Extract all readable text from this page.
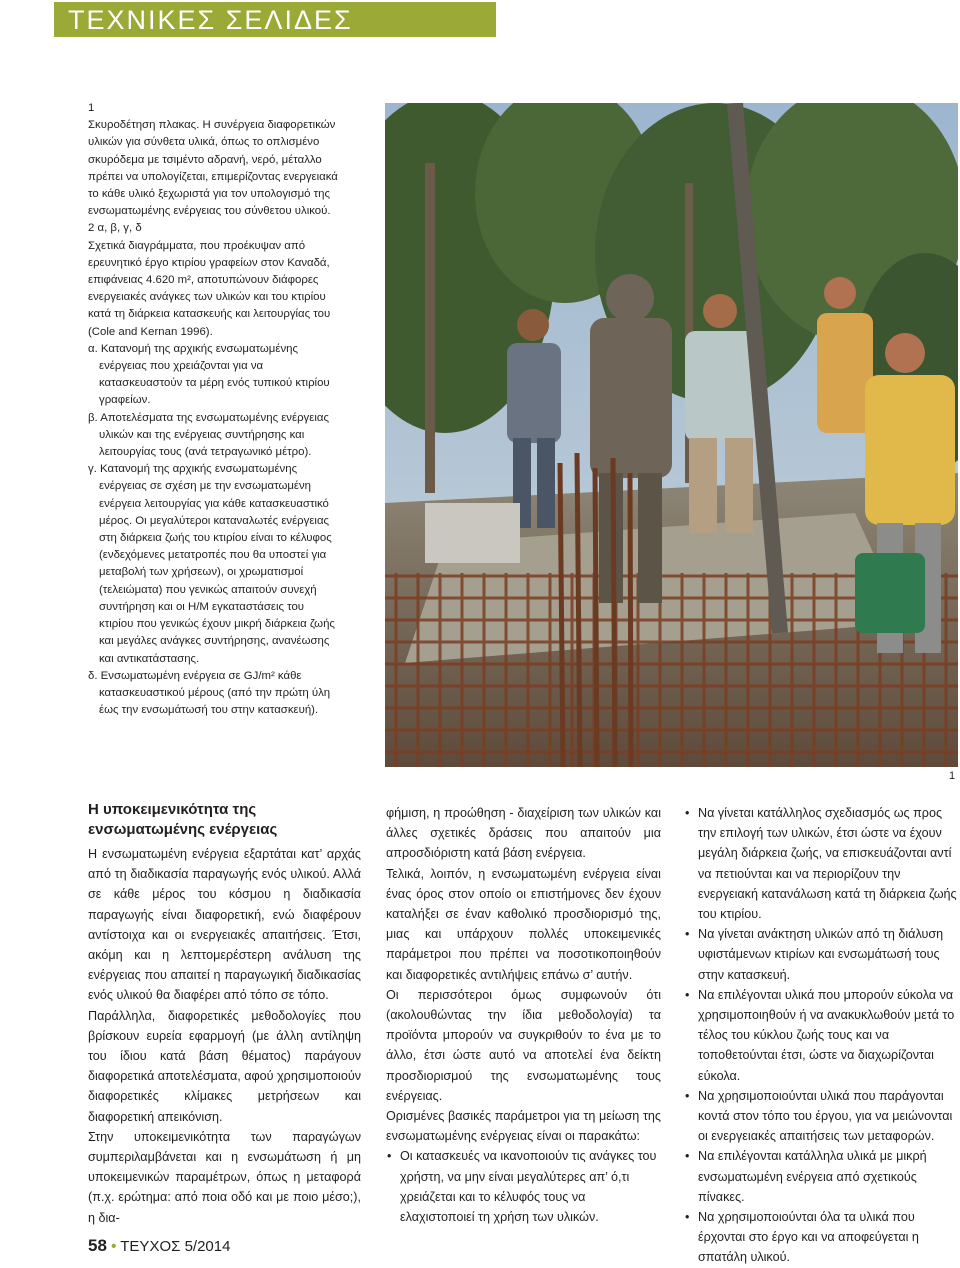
ΤΕΧΝΙΚΕΣ ΣΕΛΙΔΕΣ

1

Σκυροδέτηση πλακας. Η συνέργεια διαφορετικών υλικών για σύνθετα υλικά, όπως το οπλισμένο σκυρόδεμα με τσιμέντο αδρανή, νερό, μέταλλο πρέπει να υπολογίζεται, επιμερίζοντας ενεργειακά το κάθε υλικό ξεχωριστά για τον υπολογισμό της ενσωματωμένης ενέργειας του σύνθετου υλικού.

2 α, β, γ, δ

Σχετικά διαγράμματα, που προέκυψαν από ερευνητικό έργο κτιρίου γραφείων στον Καναδά, επιφάνειας 4.620 m², αποτυπώνουν διάφορες ενεργειακές ανάγκες των υλικών και του κτιρίου κατά τη διάρκεια κατασκευής και λειτουργίας του (Cole and Kernan 1996).

α. Κατανομή της αρχικής ενσωματωμένης ενέργειας που χρειάζονται για να κατασκευαστούν τα μέρη ενός τυπικού κτιρίου γραφείων.

β. Αποτελέσματα της ενσωματωμένης ενέργειας υλικών και της ενέργειας συντήρησης και λειτουργίας τους (ανά τετραγωνικό μέτρο).

γ. Κατανομή της αρχικής ενσωματωμένης ενέργειας σε σχέση με την ενσωματωμένη ενέργεια λειτουργίας για κάθε κατασκευαστικό μέρος. Οι μεγαλύτεροι καταναλωτές ενέργειας στη διάρκεια ζωής του κτιρίου είναι το κέλυφος (ενδεχόμενες μετατροπές που θα υποστεί για μεταβολή των χρήσεων), οι χρωματισμοί (τελειώματα) που γενικώς απαιτούν συνεχή συντήρηση και οι Η/Μ εγκαταστάσεις του κτιρίου που γενικώς έχουν μικρή διάρκεια ζωής και μεγάλες ανάγκες συντήρησης, ανανέωσης και αντικατάστασης.

δ. Ενσωματωμένη ενέργεια σε GJ/m² κάθε κατασκευαστικού μέρους (από την πρώτη ύλη έως την ενσωμάτωσή του στην κατασκευή).

1
Η υποκειμενικότητα της ενσωματωμένης ενέργειας

Η ενσωματωμένη ενέργεια εξαρτάται κατ’ αρχάς από τη διαδικασία παραγωγής ενός υλικού. Αλλά σε κάθε μέρος του κόσμου η διαδικασία παραγωγής είναι διαφορετική, ενώ διαφέρουν αντίστοιχα και οι ενεργειακές απαιτήσεις. Έτσι, ακόμη και η λεπτομερέστερη ανάλυση της ενέργειας που απαιτεί η παραγωγική διαδικασίας ενός υλικού θα διαφέρει από τόπο σε τόπο.

Παράλληλα, διαφορετικές μεθοδολογίες που βρίσκουν ευρεία εφαρμογή (με άλλη αντίληψη του ίδιου κατά βάση θέματος) παράγουν διαφορετικά αποτελέσματα, αφού χρησιμοποιούν διαφορετικές κλίμακες μετρήσεων και διαφορετική απεικόνιση.

Στην υποκειμενικότητα των παραγώγων συμπεριλαμβάνεται και η ενσωμάτωση ή μη υποκειμενικών παραμέτρων, όπως η μεταφορά (π.χ. ερώτημα: από ποια οδό και με ποιο μέσο;), η δια-

φήμιση, η προώθηση - διαχείριση των υλικών και άλλες σχετικές δράσεις που απαιτούν μια απροσδιόριστη κατά βάση ενέργεια.

Τελικά, λοιπόν, η ενσωματωμένη ενέργεια είναι ένας όρος στον οποίο οι επιστήμονες δεν έχουν καταλήξει σε έναν καθολικό προσδιορισμό της, μιας και υπάρχουν πολλές υποκειμενικές παράμετροι που πρέπει να ποσοτικοποιηθούν και διαφορετικές αντιλήψεις επάνω σ’ αυτήν.

Οι περισσότεροι όμως συμφωνούν ότι (ακολουθώντας την ίδια μεθοδολογία) τα προϊόντα μπορούν να συγκριθούν το ένα με το άλλο, έτσι ώστε αυτό να αποτελεί ένα δείκτη προσδιορισμού της ενσωματωμένης τους ενέργειας.

Ορισμένες βασικές παράμετροι για τη μείωση της ενσωματωμένης ενέργειας είναι οι παρακάτω:

• Οι κατασκευές να ικανοποιούν τις ανάγκες του χρήστη, να μην είναι μεγαλύτερες απ’ ό,τι χρειάζεται και το κέλυφός τους να ελαχιστοποιεί τη χρήση των υλικών.
• Να γίνεται κατάλληλος σχεδιασμός ως προς την επιλογή των υλικών, έτσι ώστε να έχουν μεγάλη διάρκεια ζωής, να επισκευάζονται αντί να πετιούνται και να περιορίζουν την ενεργειακή κατανάλωση κατά τη διάρκεια ζωής του κτιρίου.
• Να γίνεται ανάκτηση υλικών από τη διάλυση υφιστάμενων κτιρίων και ενσωμάτωσή τους στην κατασκευή.
• Να επιλέγονται υλικά που μπορούν εύκολα να χρησιμοποιηθούν ή να ανακυκλωθούν μετά το τέλος του κύκλου ζωής τους και να τοποθετούνται έτσι, ώστε να διαχωρίζονται εύκολα.
• Να χρησιμοποιούνται υλικά που παράγονται κοντά στον τόπο του έργου, για να μειώνονται οι ενεργειακές απαιτήσεις των μεταφορών.
• Να επιλέγονται κατάλληλα υλικά με μικρή ενσωματωμένη ενέργεια από σχετικούς πίνακες.
• Να χρησιμοποιούνται όλα τα υλικά που έρχονται στο έργο και να αποφεύγεται η σπατάλη υλικού.
58 • ΤΕΥΧΟΣ 5/2014
